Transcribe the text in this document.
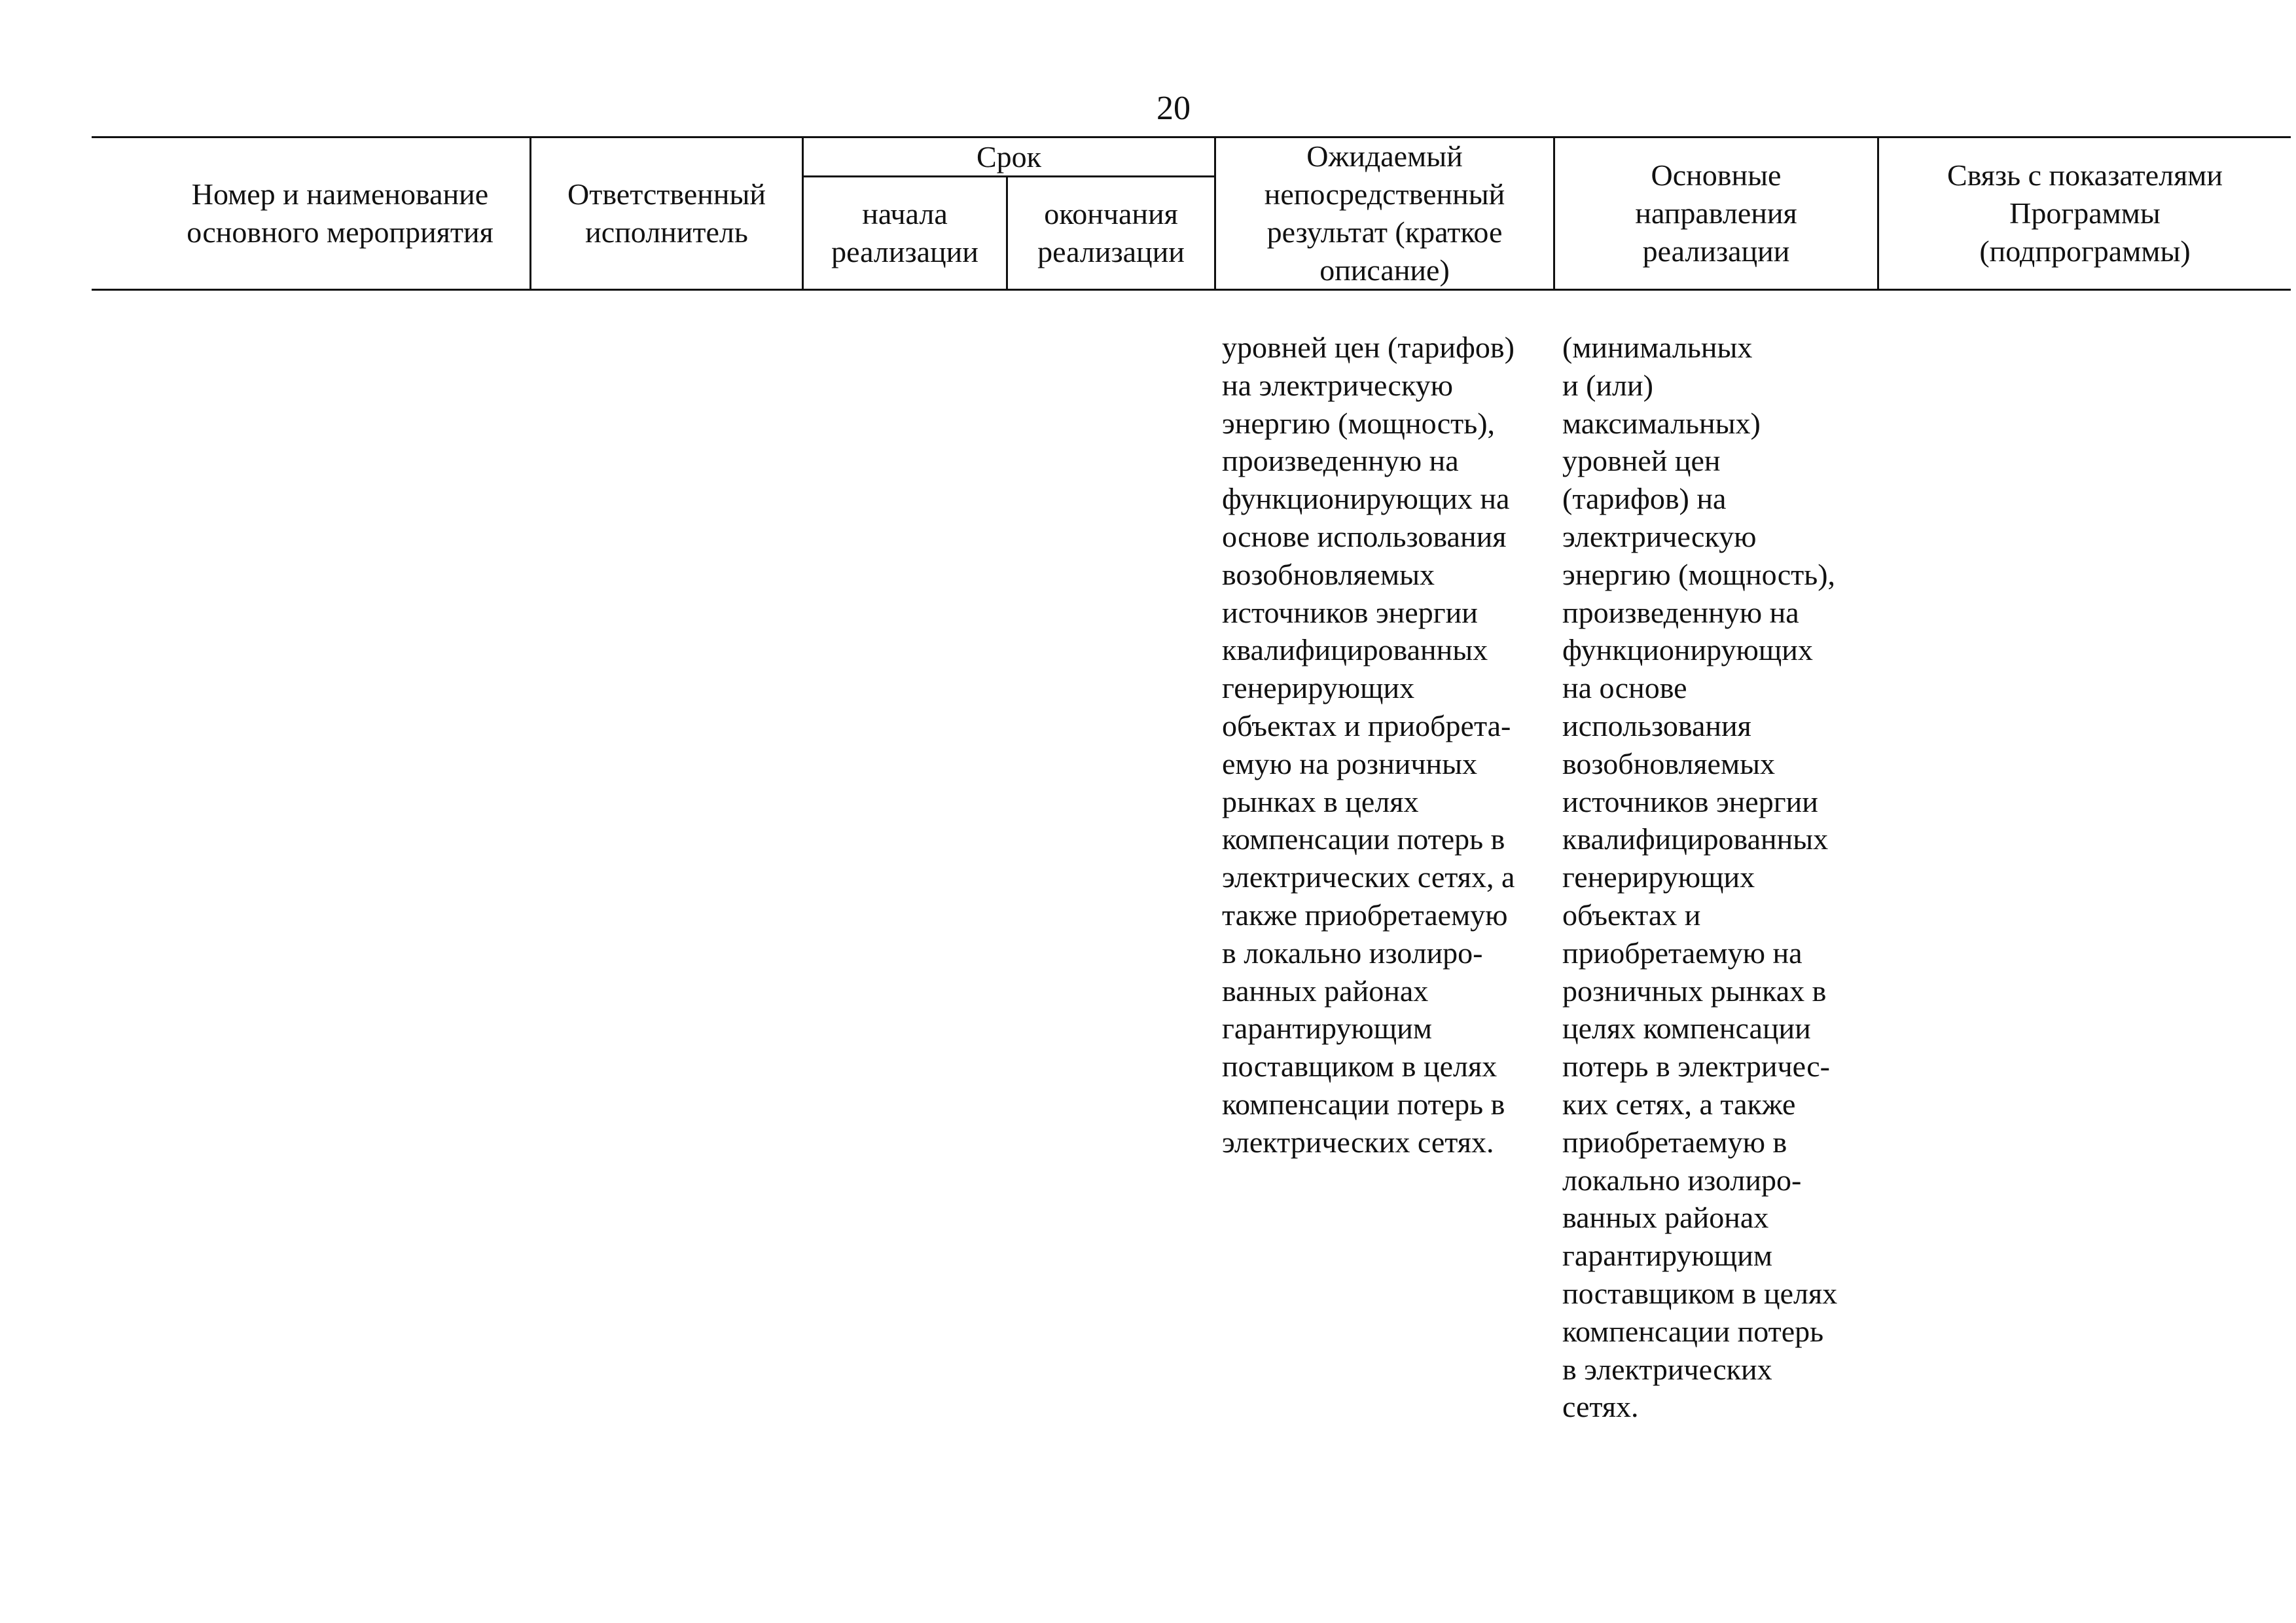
20
Номер и наименование
основного мероприятия
Ответственный
исполнитель
Срок
начала
реализации
окончания
реализации
Ожидаемый
непосредственный
результат (краткое
описание)
Основные
направления
реализации
Связь с показателями
Программы
(подпрограммы)
уровней цен (тарифов)
на электрическую
энергию (мощность),
произведенную на
функционирующих на
основе использования
возобновляемых
источников энергии
квалифицированных
генерирующих
объектах и приобрета-
емую на розничных
рынках в целях
компенсации потерь в
электрических сетях, а
также приобретаемую
в локально изолиро-
ванных районах
гарантирующим
поставщиком в целях
компенсации потерь в
электрических сетях.
(минимальных
и (или)
максимальных)
уровней цен
(тарифов) на
электрическую
энергию (мощность),
произведенную на
функционирующих
на основе
использования
возобновляемых
источников энергии
квалифицированных
генерирующих
объектах и
приобретаемую на
розничных рынках в
целях компенсации
потерь в электричес-
ких сетях, а также
приобретаемую в
локально изолиро-
ванных районах
гарантирующим
поставщиком в целях
компенсации потерь
в электрических
сетях.
